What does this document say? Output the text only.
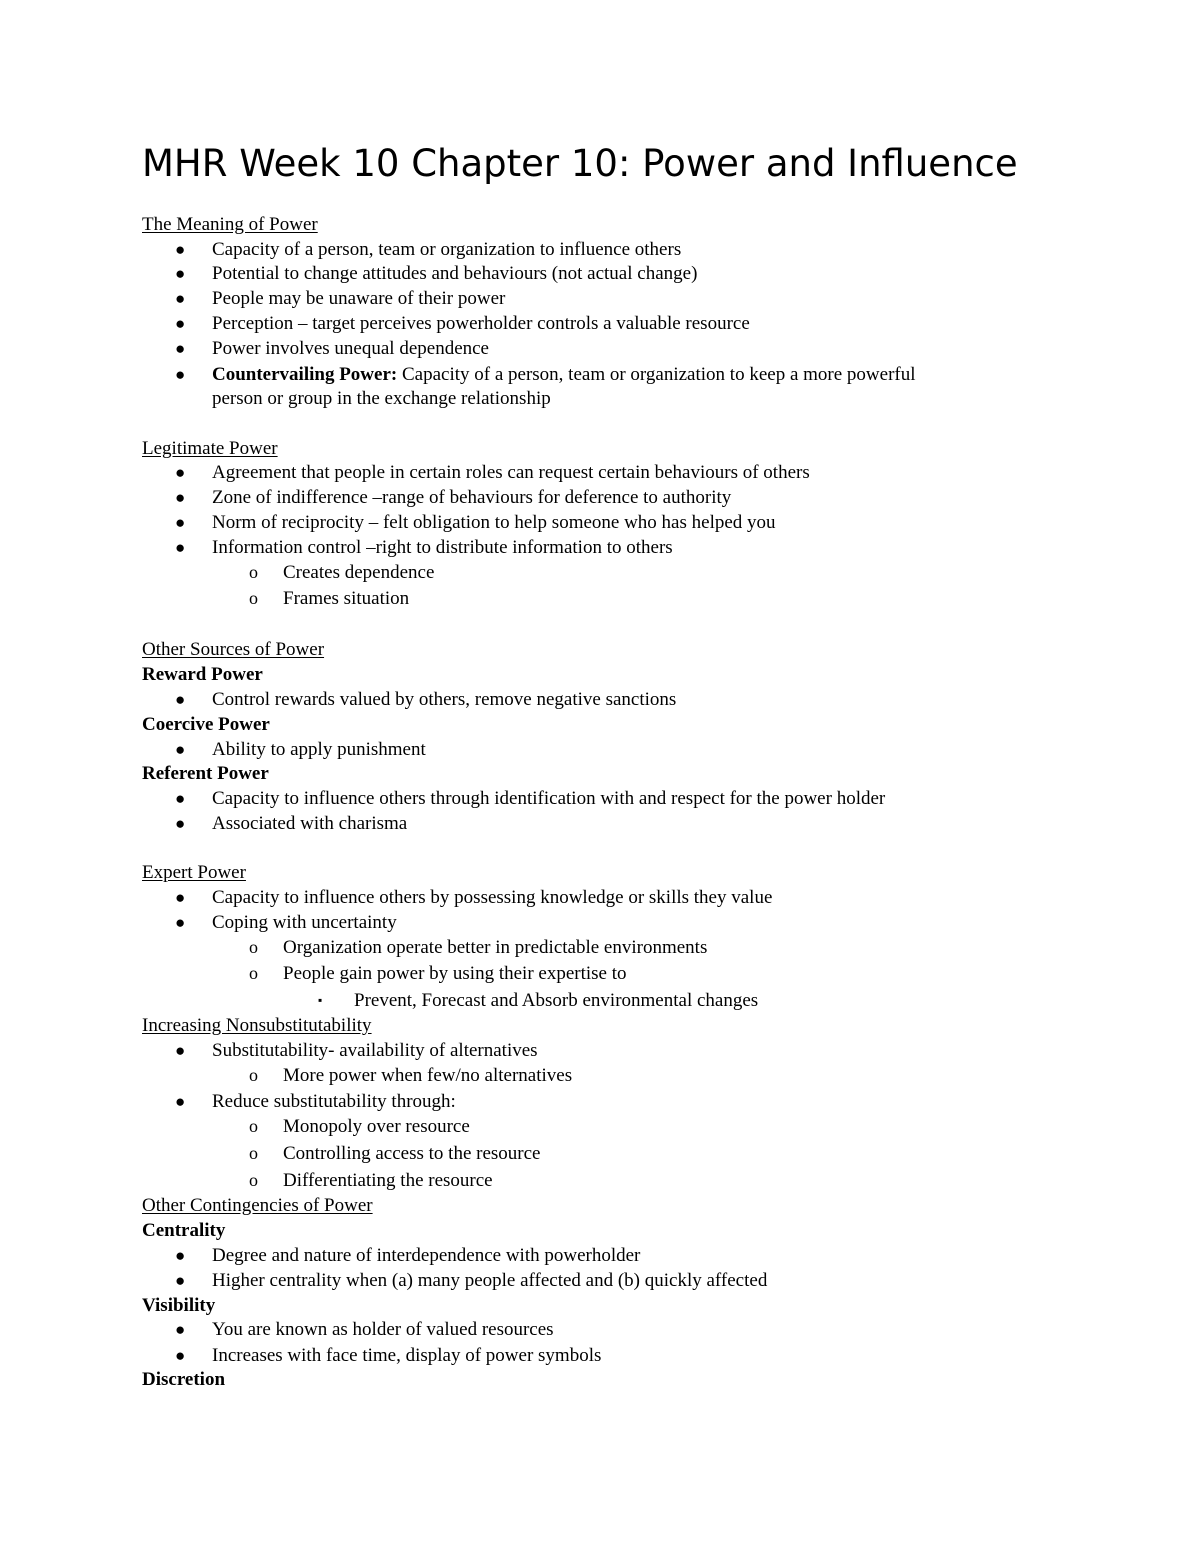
MHR Week 10 Chapter 10: Power and Influence
The Meaning of Power
● Capacity of a person, team or organization to influence others
● Potential to change attitudes and behaviours (not actual change)
● People may be unaware of their power
● Perception – target perceives powerholder controls a valuable resource
● Power involves unequal dependence
● Countervailing Power: Capacity of a person, team or organization to keep a more powerful
person or group in the exchange relationship
Legitimate Power
● Agreement that people in certain roles can request certain behaviours of others
● Zone of indifference –range of behaviours for deference to authority
● Norm of reciprocity – felt obligation to help someone who has helped you
● Information control –right to distribute information to others
o Creates dependence
o Frames situation
Other Sources of Power
Reward Power
● Control rewards valued by others, remove negative sanctions
Coercive Power
● Ability to apply punishment
Referent Power
● Capacity to influence others through identification with and respect for the power holder
● Associated with charisma
Expert Power
● Capacity to influence others by possessing knowledge or skills they value
● Coping with uncertainty
o Organization operate better in predictable environments
o People gain power by using their expertise to
▪ Prevent, Forecast and Absorb environmental changes
Increasing Nonsubstitutability
● Substitutability- availability of alternatives
o More power when few/no alternatives
● Reduce substitutability through:
o Monopoly over resource
o Controlling access to the resource
o Differentiating the resource
Other Contingencies of Power
Centrality
● Degree and nature of interdependence with powerholder
● Higher centrality when (a) many people affected and (b) quickly affected
Visibility
● You are known as holder of valued resources
● Increases with face time, display of power symbols
Discretion
